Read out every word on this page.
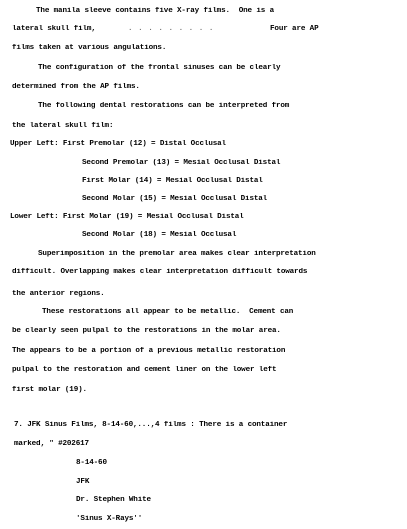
The manila sleeve contains five X-ray films.  One is a
lateral skull film,	. . . . . . . . .	Four are AP
films taken at various angulations.
The configuration of the frontal sinuses can be clearly
determined from the AP films.
The following dental restorations can be interpreted from
the lateral skull film:
Upper Left: First Premolar (12) = Distal Occlusal
Second Premolar (13) = Mesial Occlusal Distal
First Molar (14) = Mesial Occlusal Distal
Second Molar (15) = Mesial Occlusal Distal
Lower Left: First Molar (19) = Mesial Occlusal Distal
Second Molar (18) = Mesial Occlusal
Superimposition in the premolar area makes clear interpretation
difficult. Overlapping makes clear interpretation difficult towards
the anterior regions.
These restorations all appear to be metallic.  Cement can
be clearly seen pulpal to the restorations in the molar area.
The appears to be a portion of a previous metallic restoration
pulpal to the restoration and cement liner on the lower left
first molar (19).
7. JFK Sinus Films, 8-14-60,...,4 films : There is a container
marked, " #202617
8-14-60
JFK
Dr. Stephen White
'Sinus X-Rays''
